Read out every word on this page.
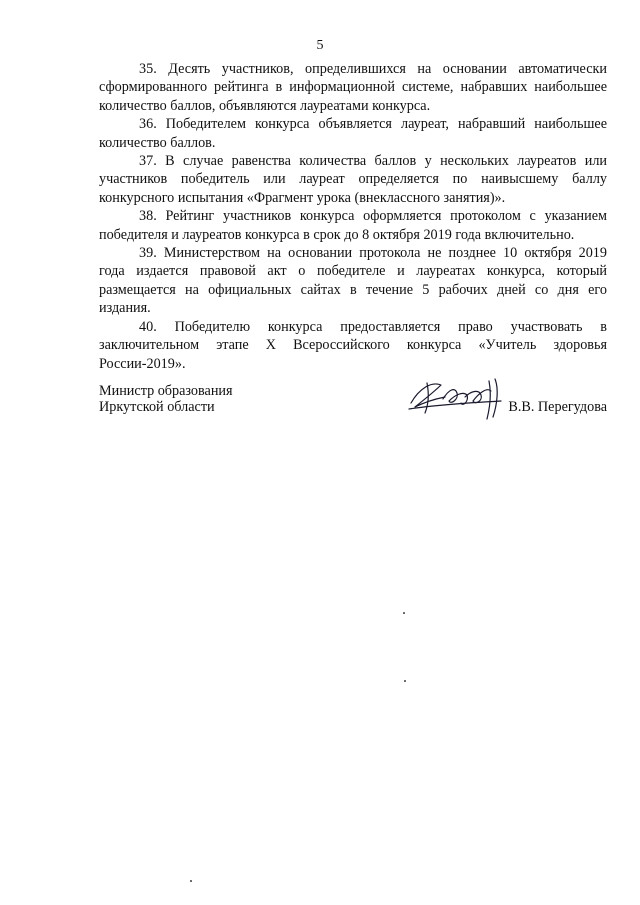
5

35. Десять участников, определившихся на основании автоматически сформированного рейтинга в информационной системе, набравших наибольшее количество баллов, объявляются лауреатами конкурса.

36. Победителем конкурса объявляется лауреат, набравший наибольшее количество баллов.

37. В случае равенства количества баллов у нескольких лауреатов или участников победитель или лауреат определяется по наивысшему баллу конкурсного испытания «Фрагмент урока (внеклассного занятия)».

38. Рейтинг участников конкурса оформляется протоколом с указанием победителя и лауреатов конкурса в срок до 8 октября 2019 года включительно.

39. Министерством на основании протокола не позднее 10 октября 2019 года издается правовой акт о победителе и лауреатах конкурса, который размещается на официальных сайтах в течение 5 рабочих дней со дня его издания.

40. Победителю конкурса предоставляется право участвовать в заключительном этапе X Всероссийского конкурса «Учитель здоровья России-2019».

Министр образования
Иркутской области	В.В. Перегудова
